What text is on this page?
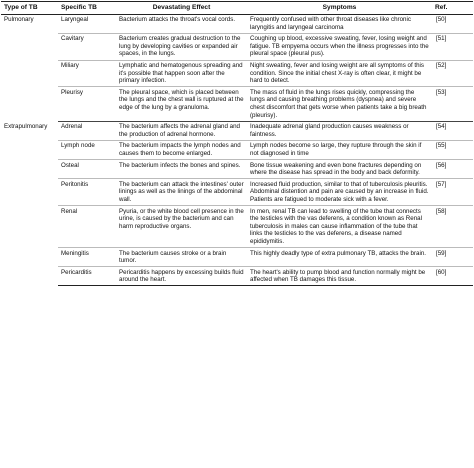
Type of TB	Specific TB	Devastating Effect	Symptoms	Ref.
Pulmonary	Laryngeal	Bacterium attacks the throat's vocal cords.	Frequently confused with other throat diseases like chronic laryngitis and laryngeal carcinoma	[50]
	Cavitary	Bacterium creates gradual destruction to the lung by developing cavities or expanded air spaces, in the lungs.	Coughing up blood, excessive sweating, fever, losing weight and fatigue. TB empyema occurs when the illness progresses into the pleural space (pleural pus).	[51]
	Miliary	Lymphatic and hematogenous spreading and it's possible that happen soon after the primary infection.	Night sweating, fever and losing weight are all symptoms of this condition. Since the initial chest X-ray is often clear, it might be hard to detect.	[52]
	Pleurisy	The pleural space, which is placed between the lungs and the chest wall is ruptured at the edge of the lung by a granuloma.	The mass of fluid in the lungs rises quickly, compressing the lungs and causing breathing problems (dyspnea) and severe chest discomfort that gets worse when patients take a big breath (pleurisy).	[53]
Extrapulmonary	Adrenal	The bacterium affects the adrenal gland and the production of adrenal hormone.	Inadequate adrenal gland production causes weakness or faintness.	[54]
	Lymph node	The bacterium impacts the lymph nodes and causes them to become enlarged.	Lymph nodes become so large, they rupture through the skin if not diagnosed in time	[55]
	Osteal	The bacterium infects the bones and spines.	Bone tissue weakening and even bone fractures depending on where the disease has spread in the body and back deformity.	[56]
	Peritonitis	The bacterium can attack the intestines' outer linings as well as the linings of the abdominal wall.	Increased fluid production, similar to that of tuberculosis pleuritis. Abdominal distention and pain are caused by an increase in fluid. Patients are fatigued to moderate sick with a fever.	[57]
	Renal	Pyuria, or the white blood cell presence in the urine, is caused by the bacterium and can harm reproductive organs.	In men, renal TB can lead to swelling of the tube that connects the testicles with the vas deferens, a condition known as Renal tuberculosis in males can cause inflammation of the tube that links the testicles to the vas deferens, a disease named epididymitis.	[58]
	Meningitis	The bacterium causes stroke or a brain tumor.	This highly deadly type of extra pulmonary TB, attacks the brain.	[59]
	Pericarditis	Pericarditis happens by excessing builds fluid around the heart.	The heart's ability to pump blood and function normally might be affected when TB damages this tissue.	[60]
